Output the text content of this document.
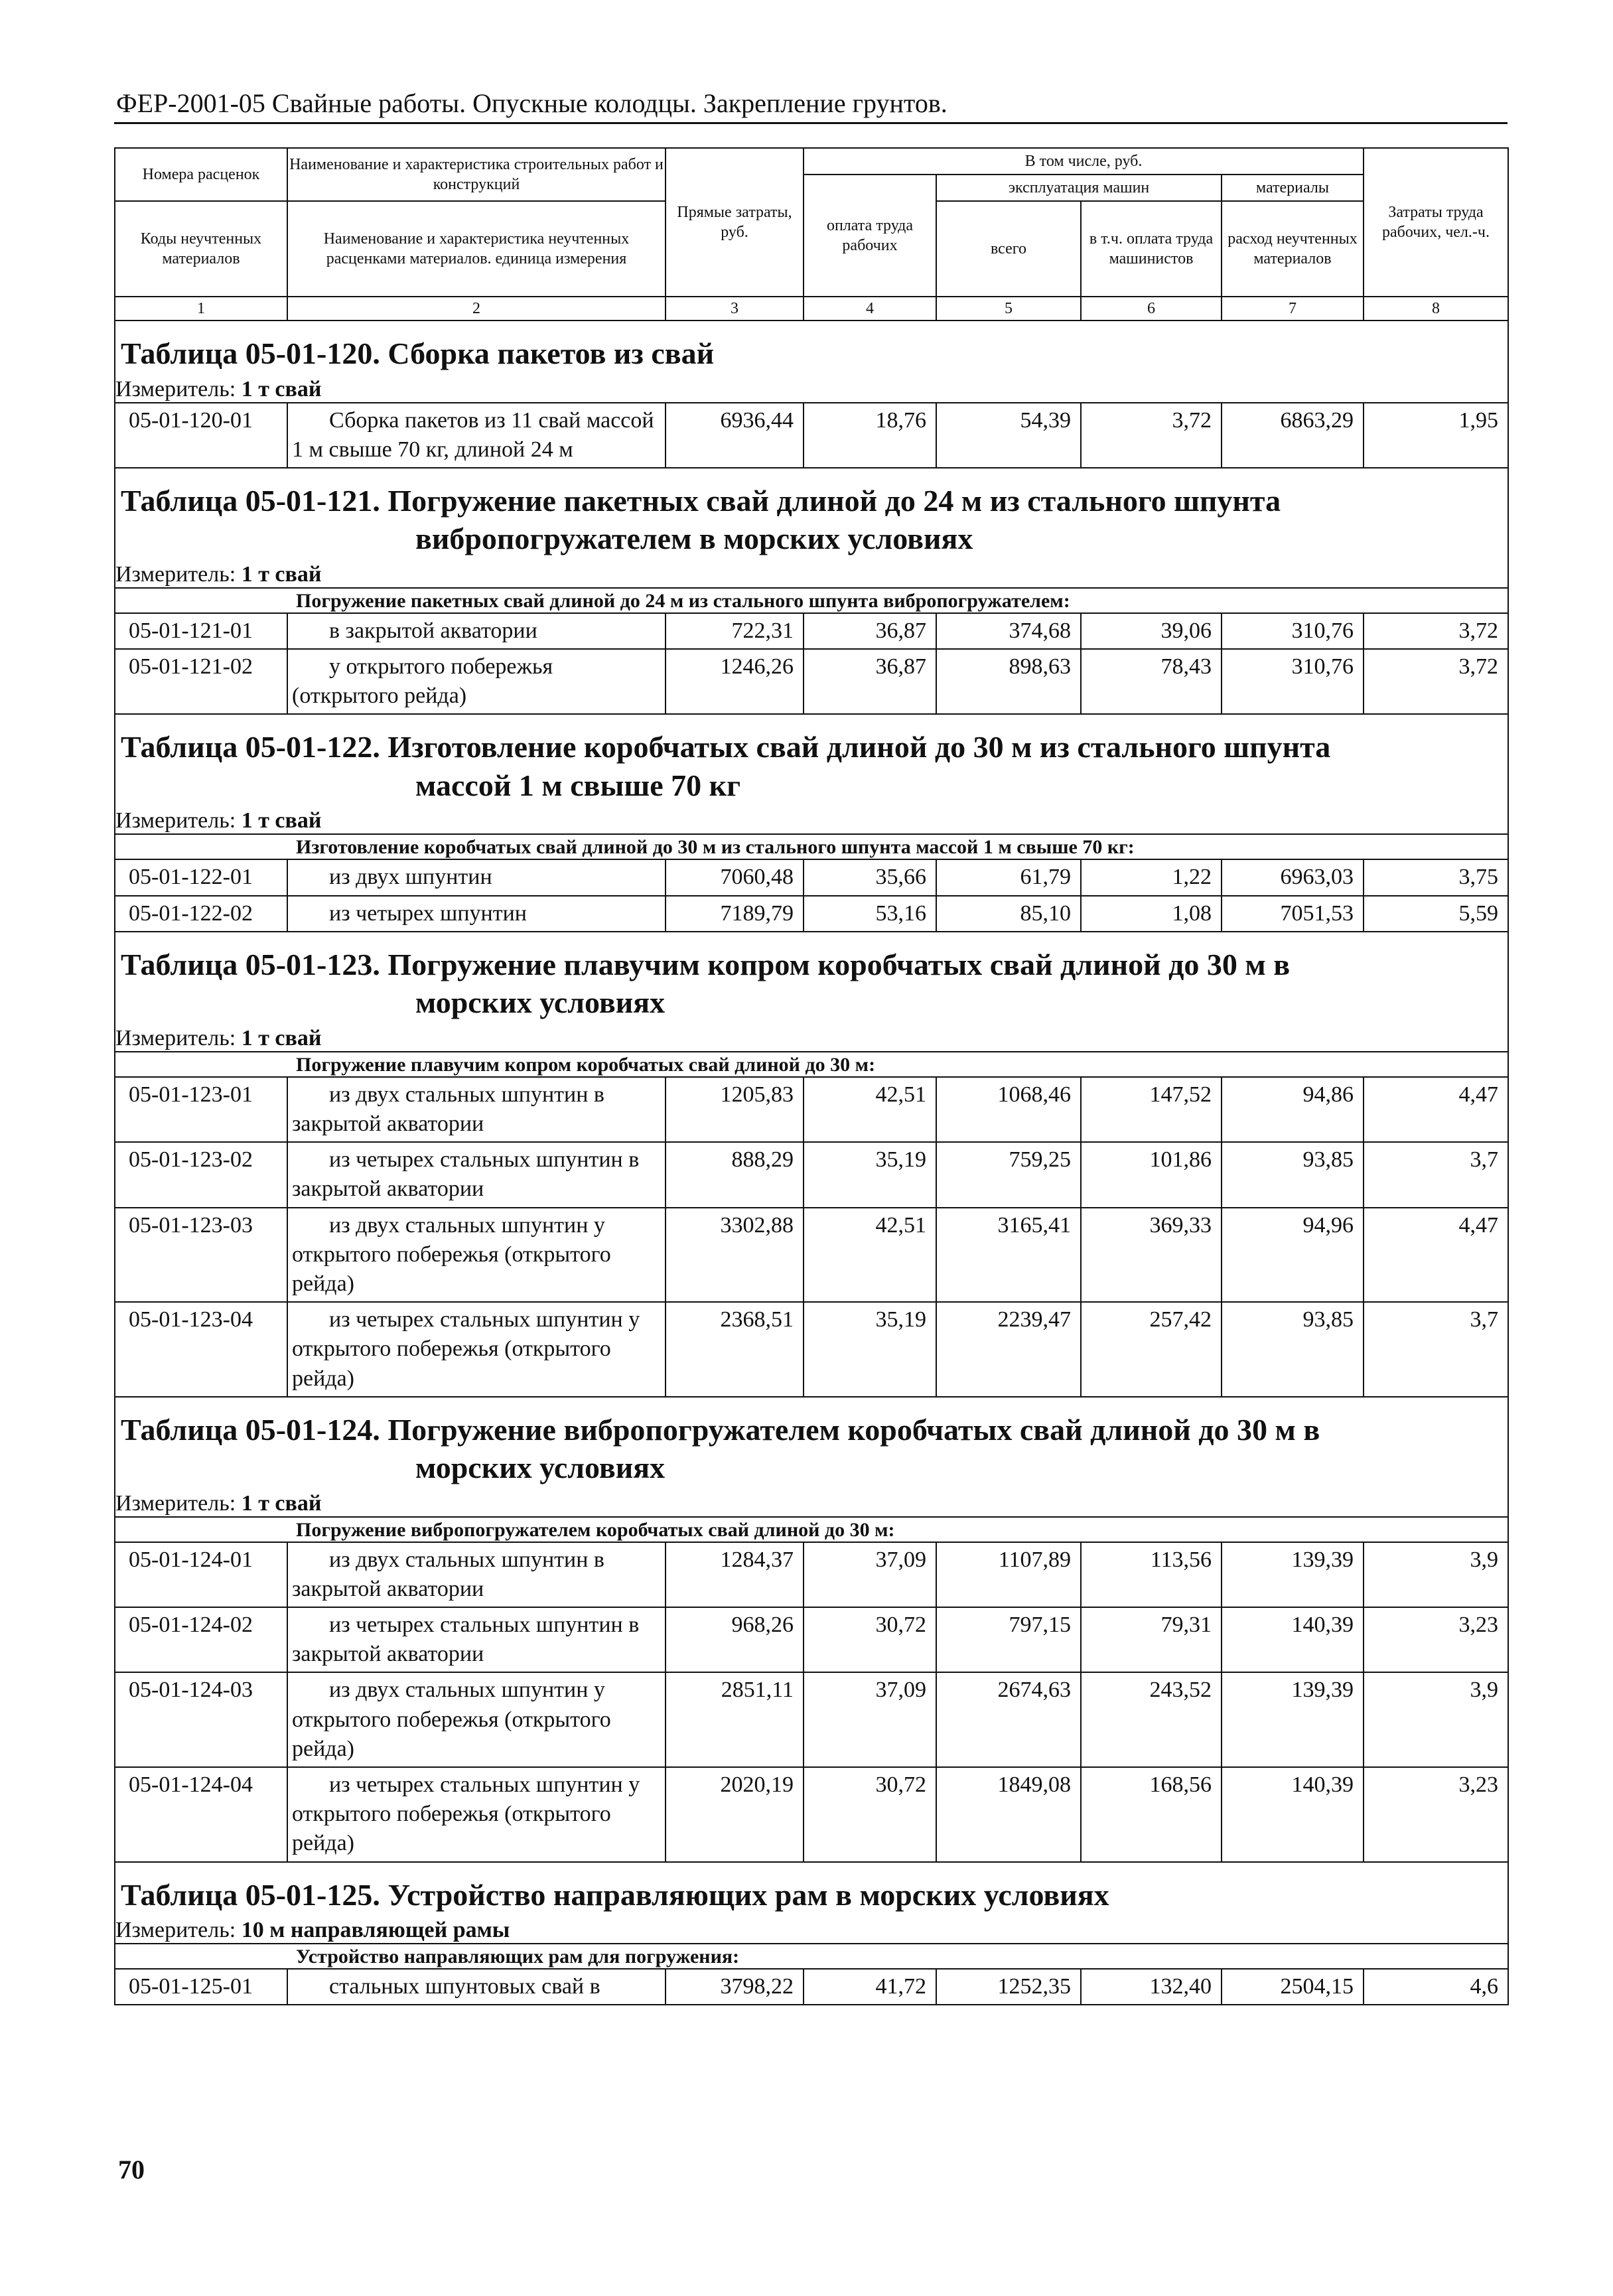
ФЕР-2001-05 Свайные работы. Опускные колодцы. Закрепление грунтов.
Номера расценок	Наименование и характеристика строительных работ и конструкций	Прямые затраты, руб.	В том числе, руб.				Затраты труда рабочих, чел.-ч.
			оплата труда рабочих	эксплуатация машин		материалы	
Коды неучтенных материалов	Наименование и характеристика неучтенных расценками материалов. единица измерения			всего	в т.ч. оплата труда машинистов	расход неучтенных материалов	

1	2	3	4	5	6	7	8

Таблица 05-01-120. Сборка пакетов из свай							

Измеритель: 1 т свай							
05-01-120-01	Сборка пакетов из 11 свай массой 1 м свыше 70 кг, длиной 24 м	6936,44	18,76	54,39	3,72	6863,29	1,95

Таблица 05-01-121. Погружение пакетных свай длиной до 24 м из стального шпунта
вибропогружателем в морских условиях							

Измеритель: 1 т свай							
Погружение пакетных свай длиной до 24 м из стального шпунта вибропогружателем:							
05-01-121-01	в закрытой акватории	722,31	36,87	374,68	39,06	310,76	3,72
05-01-121-02	у открытого побережья (открытого рейда)	1246,26	36,87	898,63	78,43	310,76	3,72

Таблица 05-01-122. Изготовление коробчатых свай длиной до 30 м из стального шпунта
массой 1 м свыше 70 кг							

Измеритель: 1 т свай							
Изготовление коробчатых свай длиной до 30 м из стального шпунта массой 1 м свыше 70 кг:							
05-01-122-01	из двух шпунтин	7060,48	35,66	61,79	1,22	6963,03	3,75
05-01-122-02	из четырех шпунтин	7189,79	53,16	85,10	1,08	7051,53	5,59

Таблица 05-01-123. Погружение плавучим копром коробчатых свай длиной до 30 м в
морских условиях							

Измеритель: 1 т свай							
Погружение плавучим копром коробчатых свай длиной до 30 м:							
05-01-123-01	из двух стальных шпунтин в закрытой акватории	1205,83	42,51	1068,46	147,52	94,86	4,47
05-01-123-02	из четырех стальных шпунтин в закрытой акватории	888,29	35,19	759,25	101,86	93,85	3,7
05-01-123-03	из двух стальных шпунтин у открытого побережья (открытого рейда)	3302,88	42,51	3165,41	369,33	94,96	4,47
05-01-123-04	из четырех стальных шпунтин у открытого побережья (открытого рейда)	2368,51	35,19	2239,47	257,42	93,85	3,7

Таблица 05-01-124. Погружение вибропогружателем коробчатых свай длиной до 30 м в
морских условиях							

Измеритель: 1 т свай							
Погружение вибропогружателем коробчатых свай длиной до 30 м:							
05-01-124-01	из двух стальных шпунтин в закрытой акватории	1284,37	37,09	1107,89	113,56	139,39	3,9
05-01-124-02	из четырех стальных шпунтин в закрытой акватории	968,26	30,72	797,15	79,31	140,39	3,23
05-01-124-03	из двух стальных шпунтин у открытого побережья (открытого рейда)	2851,11	37,09	2674,63	243,52	139,39	3,9
05-01-124-04	из четырех стальных шпунтин у открытого побережья (открытого рейда)	2020,19	30,72	1849,08	168,56	140,39	3,23

Таблица 05-01-125. Устройство направляющих рам в морских условиях							

Измеритель: 10 м направляющей рамы							
Устройство направляющих рам для погружения:							
05-01-125-01	стальных шпунтовых свай в	3798,22	41,72	1252,35	132,40	2504,15	4,6
70
